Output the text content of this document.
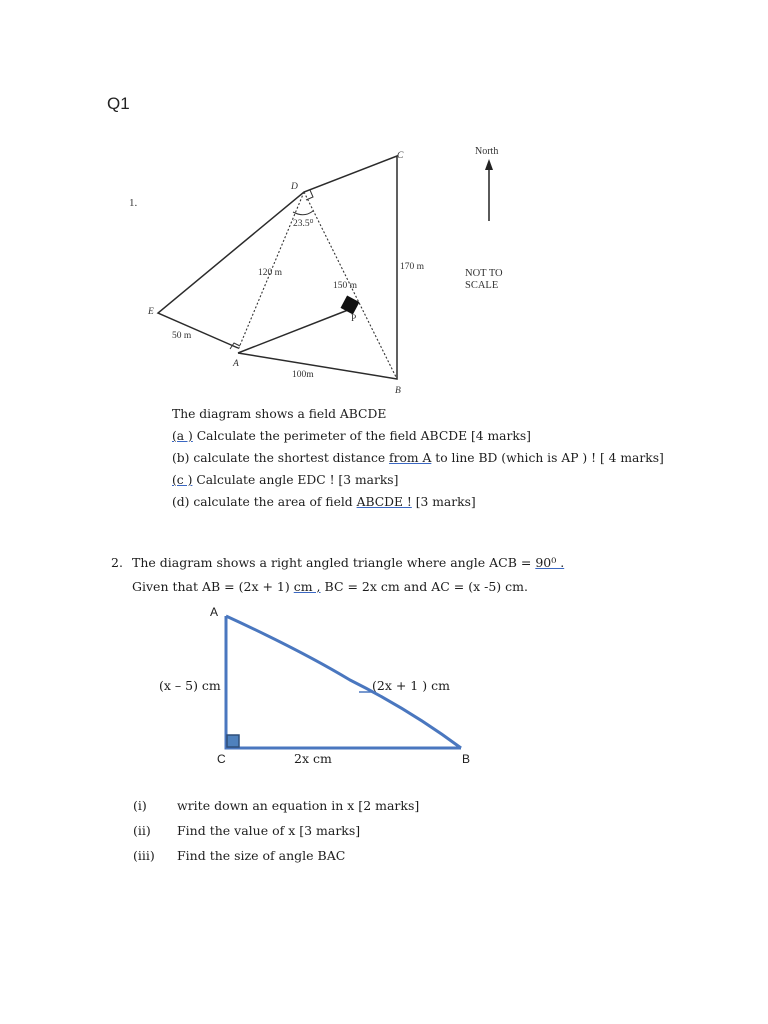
Q1
1.
C
D
E
A
B
P
23.5⁰
120 m
150 m
170 m
50 m
100m
North
NOT TO
SCALE
The diagram shows a field ABCDE
(a ) Calculate the perimeter of the field ABCDE [4 marks]
(b) calculate the shortest distance from A to line BD (which is AP ) ! [ 4 marks]
(c ) Calculate angle EDC ! [3 marks]
(d) calculate the area of field ABCDE ! [3 marks]
2. The diagram shows a right angled triangle where angle ACB = 90⁰ .
Given that AB = (2x + 1) cm , BC = 2x cm and AC = (x -5) cm.
A
C	B
(x – 5) cm	(2x + 1 ) cm
2x cm
(i) write down an equation in x [2 marks]
(ii) Find the value of x [3 marks]
(iii) Find the size of angle BAC
